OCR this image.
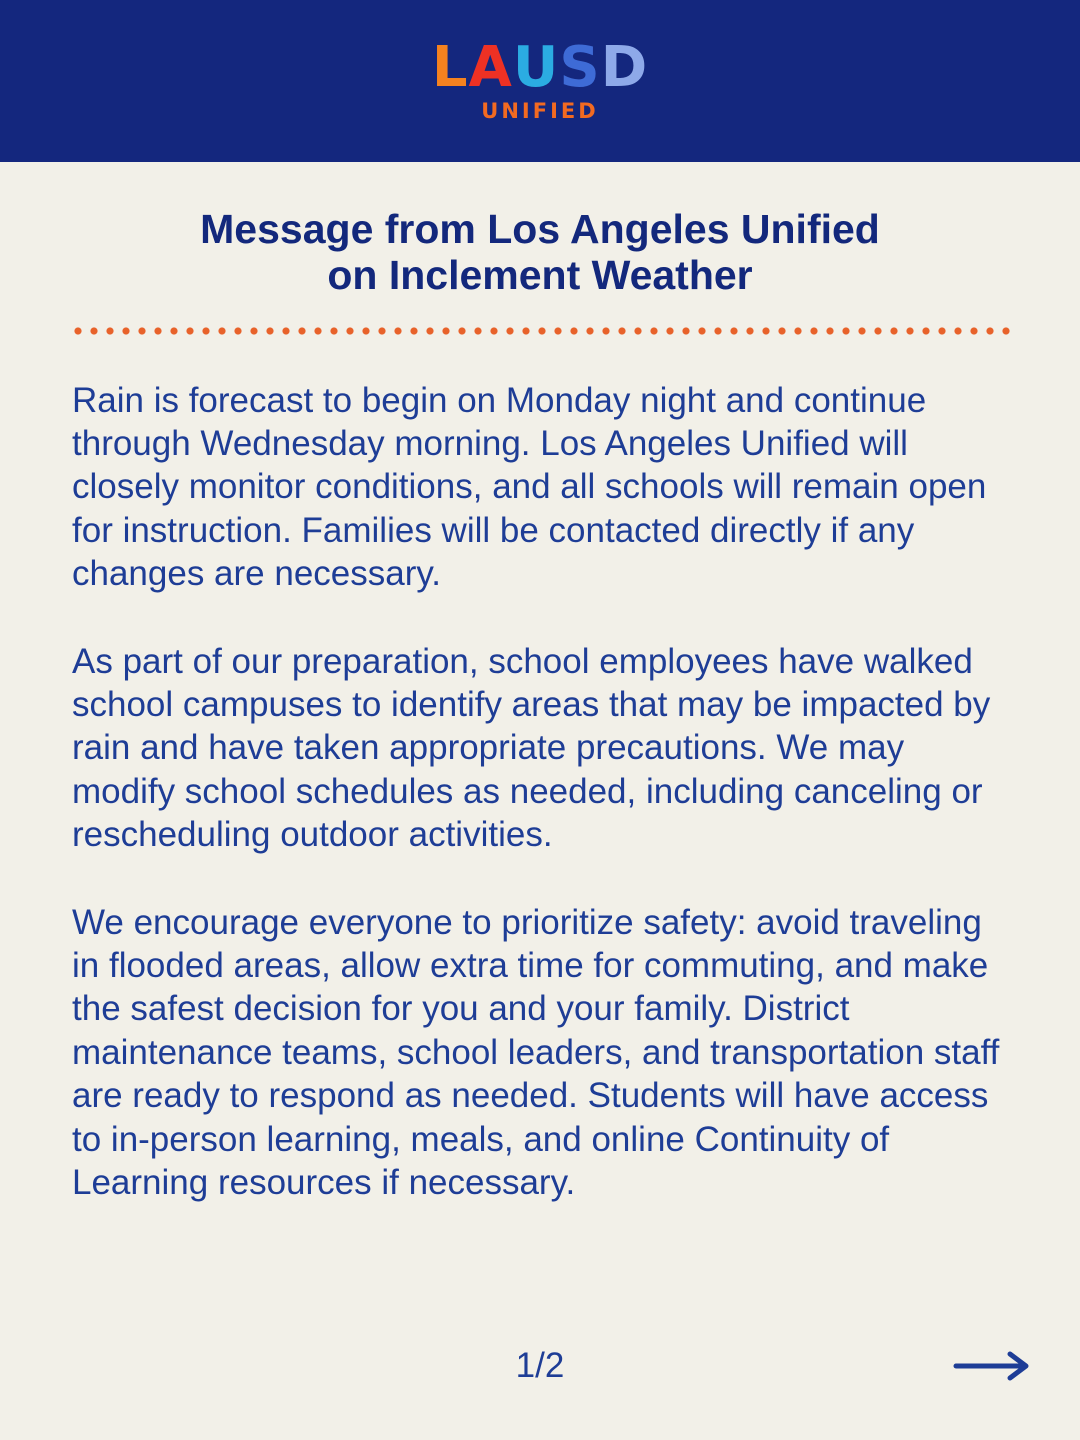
L A U S D
UNIFIED
Message from Los Angeles Unified
on Inclement Weather

Rain is forecast to begin on Monday night and continue through Wednesday morning. Los Angeles Unified will closely monitor conditions, and all schools will remain open for instruction. Families will be contacted directly if any changes are necessary.

As part of our preparation, school employees have walked school campuses to identify areas that may be impacted by rain and have taken appropriate precautions. We may modify school schedules as needed, including canceling or rescheduling outdoor activities.

We encourage everyone to prioritize safety: avoid traveling in flooded areas, allow extra time for commuting, and make the safest decision for you and your family. District maintenance teams, school leaders, and transportation staff are ready to respond as needed. Students will have access to in-person learning, meals, and online Continuity of Learning resources if necessary.

1/2
